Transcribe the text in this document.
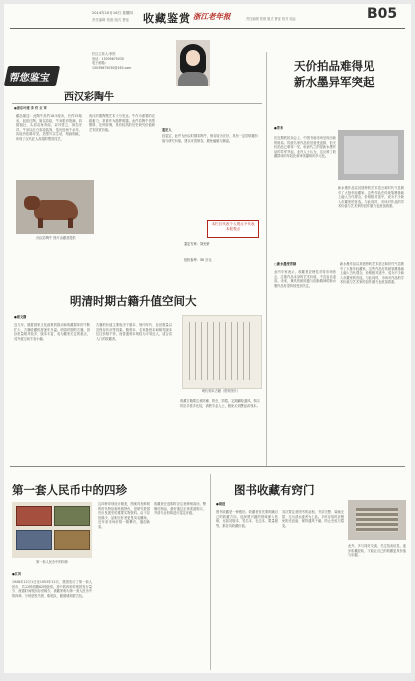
2014年10月16日 星期四
责任编辑 张艳 版式 曹征 收藏鉴赏 浙江老年报	责任编辑 张艳 版式 曹征 校对 周远	B05
帮您鉴宝
栏目主持人:李铁
电话：15039675030
电子邮箱:
15039675030@163.com
西汉彩陶牛
●浙东叶建 李 佟 女 审
藏品描述：此陶牛高约18.5厘米，长约25厘米，泥质红陶，施以彩绘，牛身肌肉饱满，四肢粗壮，头部双角弯曲，双耳竖立，神态安详。牛身以红白彩绘装饰，虽历经两千余年，彩绘仍依稀可见。造型写实生动，刻画细腻，体现了汉代匠人高超的塑造技艺。
西汉时期陶塑艺术十分发达，牛作为重要的农耕畜力，常被作为随葬明器。此件彩陶牛造型憨厚，比例协调，具有较高的历史研究价值和艺术欣赏价值。
西汉彩陶牛 图片由藏者提供
鉴定人
经鉴定，此件为西汉时期彩陶牛，保存较为完好，具有一定的收藏价值与研究价值，建议妥善保存，避免磕碰与潮湿。
鉴定专家：刘光荣
估价参考：30 万元
本栏仅代表个人观点不代表本报观点
天价拍品难得见
新水墨异军突起
●青禾
在近期的拍卖会上，中国书画市场呈现出新的格局。传统名家作品依旧备受追捧，但天价拍品已难得一见，取而代之的是新水墨作品的异军突起。业内人士认为，这反映了收藏群体的年轻化和审美趣味的多元化。
新水墨作品以其独特的艺术语言和时代气息吸引了大批年轻藏家。这些作品在传统笔墨基础上融入当代观念，价格相对适中，成为不少新入市藏家的首选。与此同时，市场对作品的学术价值与艺术家的创作潜力也愈加看重。
□新水墨受青睐
业内专家表示，收藏者应理性对待市场热点，注重作品本身的艺术价值，不宜盲目追高。未来，兼具传统底蕴与创新精神的新水墨作品有望持续受到关注。
新水墨作品以其独特的艺术语言和时代气息吸引了大批年轻藏家。这些作品在传统笔墨基础上融入当代观念，价格相对适中，成为不少新入市藏家的首选。与此同时，市场对作品的学术价值与艺术家的创作潜力也愈加看重。
明清时期古籍升值空间大
●周文静
近几年，随着国家文化政策的推动和收藏群体的不断扩大，古籍收藏热度逐年升温。明清时期的古籍，因存世量相对较多、版本丰富，成为藏家关注的重点，其升值空间不容小觑。
古籍的价值主要取决于版本、刻印年代、存世数量以及保存状况等因素。精刻本、名家批校本和稀见版本往往价格不菲，而普通刻本则较为平易近人，适合初入门的收藏者。
收藏古籍要注意防潮、防虫、防霉，定期翻检通风。购买时应多看多比较，请教专业人士，避免买到赝品或残本。
明代刻本古籍（资料图片）
第一套人民币中的四珍
第一套人民币中的四珍
●江风
1948年12月1日至1953年12月，我国发行了第一套人民币，共12种面额62种版别。其中的四种券别因发行量少、流通时间短而存世稀少，被藏家称为第一套人民币中的四珍，分别是牧马图、骆驼队、瞻德城和蒙古包。
这四种券别设计精美，图案具有鲜明的时代特征和民族特色，是研究我国货币发展史的重要实物资料。由于存世稀少，品相完好者更是凤毛麟角，近年来市场价格一路攀升，屡创新高。
收藏者在选购时应注意辨别真伪，警惕仿制品，最好通过正规渠道购买，并请专业机构进行鉴定评级。
图书收藏有窍门
●胡进
图书收藏是一种雅好。收藏者首先要明确自己的收藏方向，选择感兴趣的领域深入钻研，比如初版本、签名本、毛边本、限量版等，都各具收藏价值。
其次要注意图书的品相，书页完整、装帧无损、无污渍水迹者为上品。平时存放时应避免阳光直射，保持通风干燥，防止虫蛀与霉变。
此外，多与同好交流，关注拍卖信息，逐步积累经验，才能让自己的收藏更具价值与乐趣。
